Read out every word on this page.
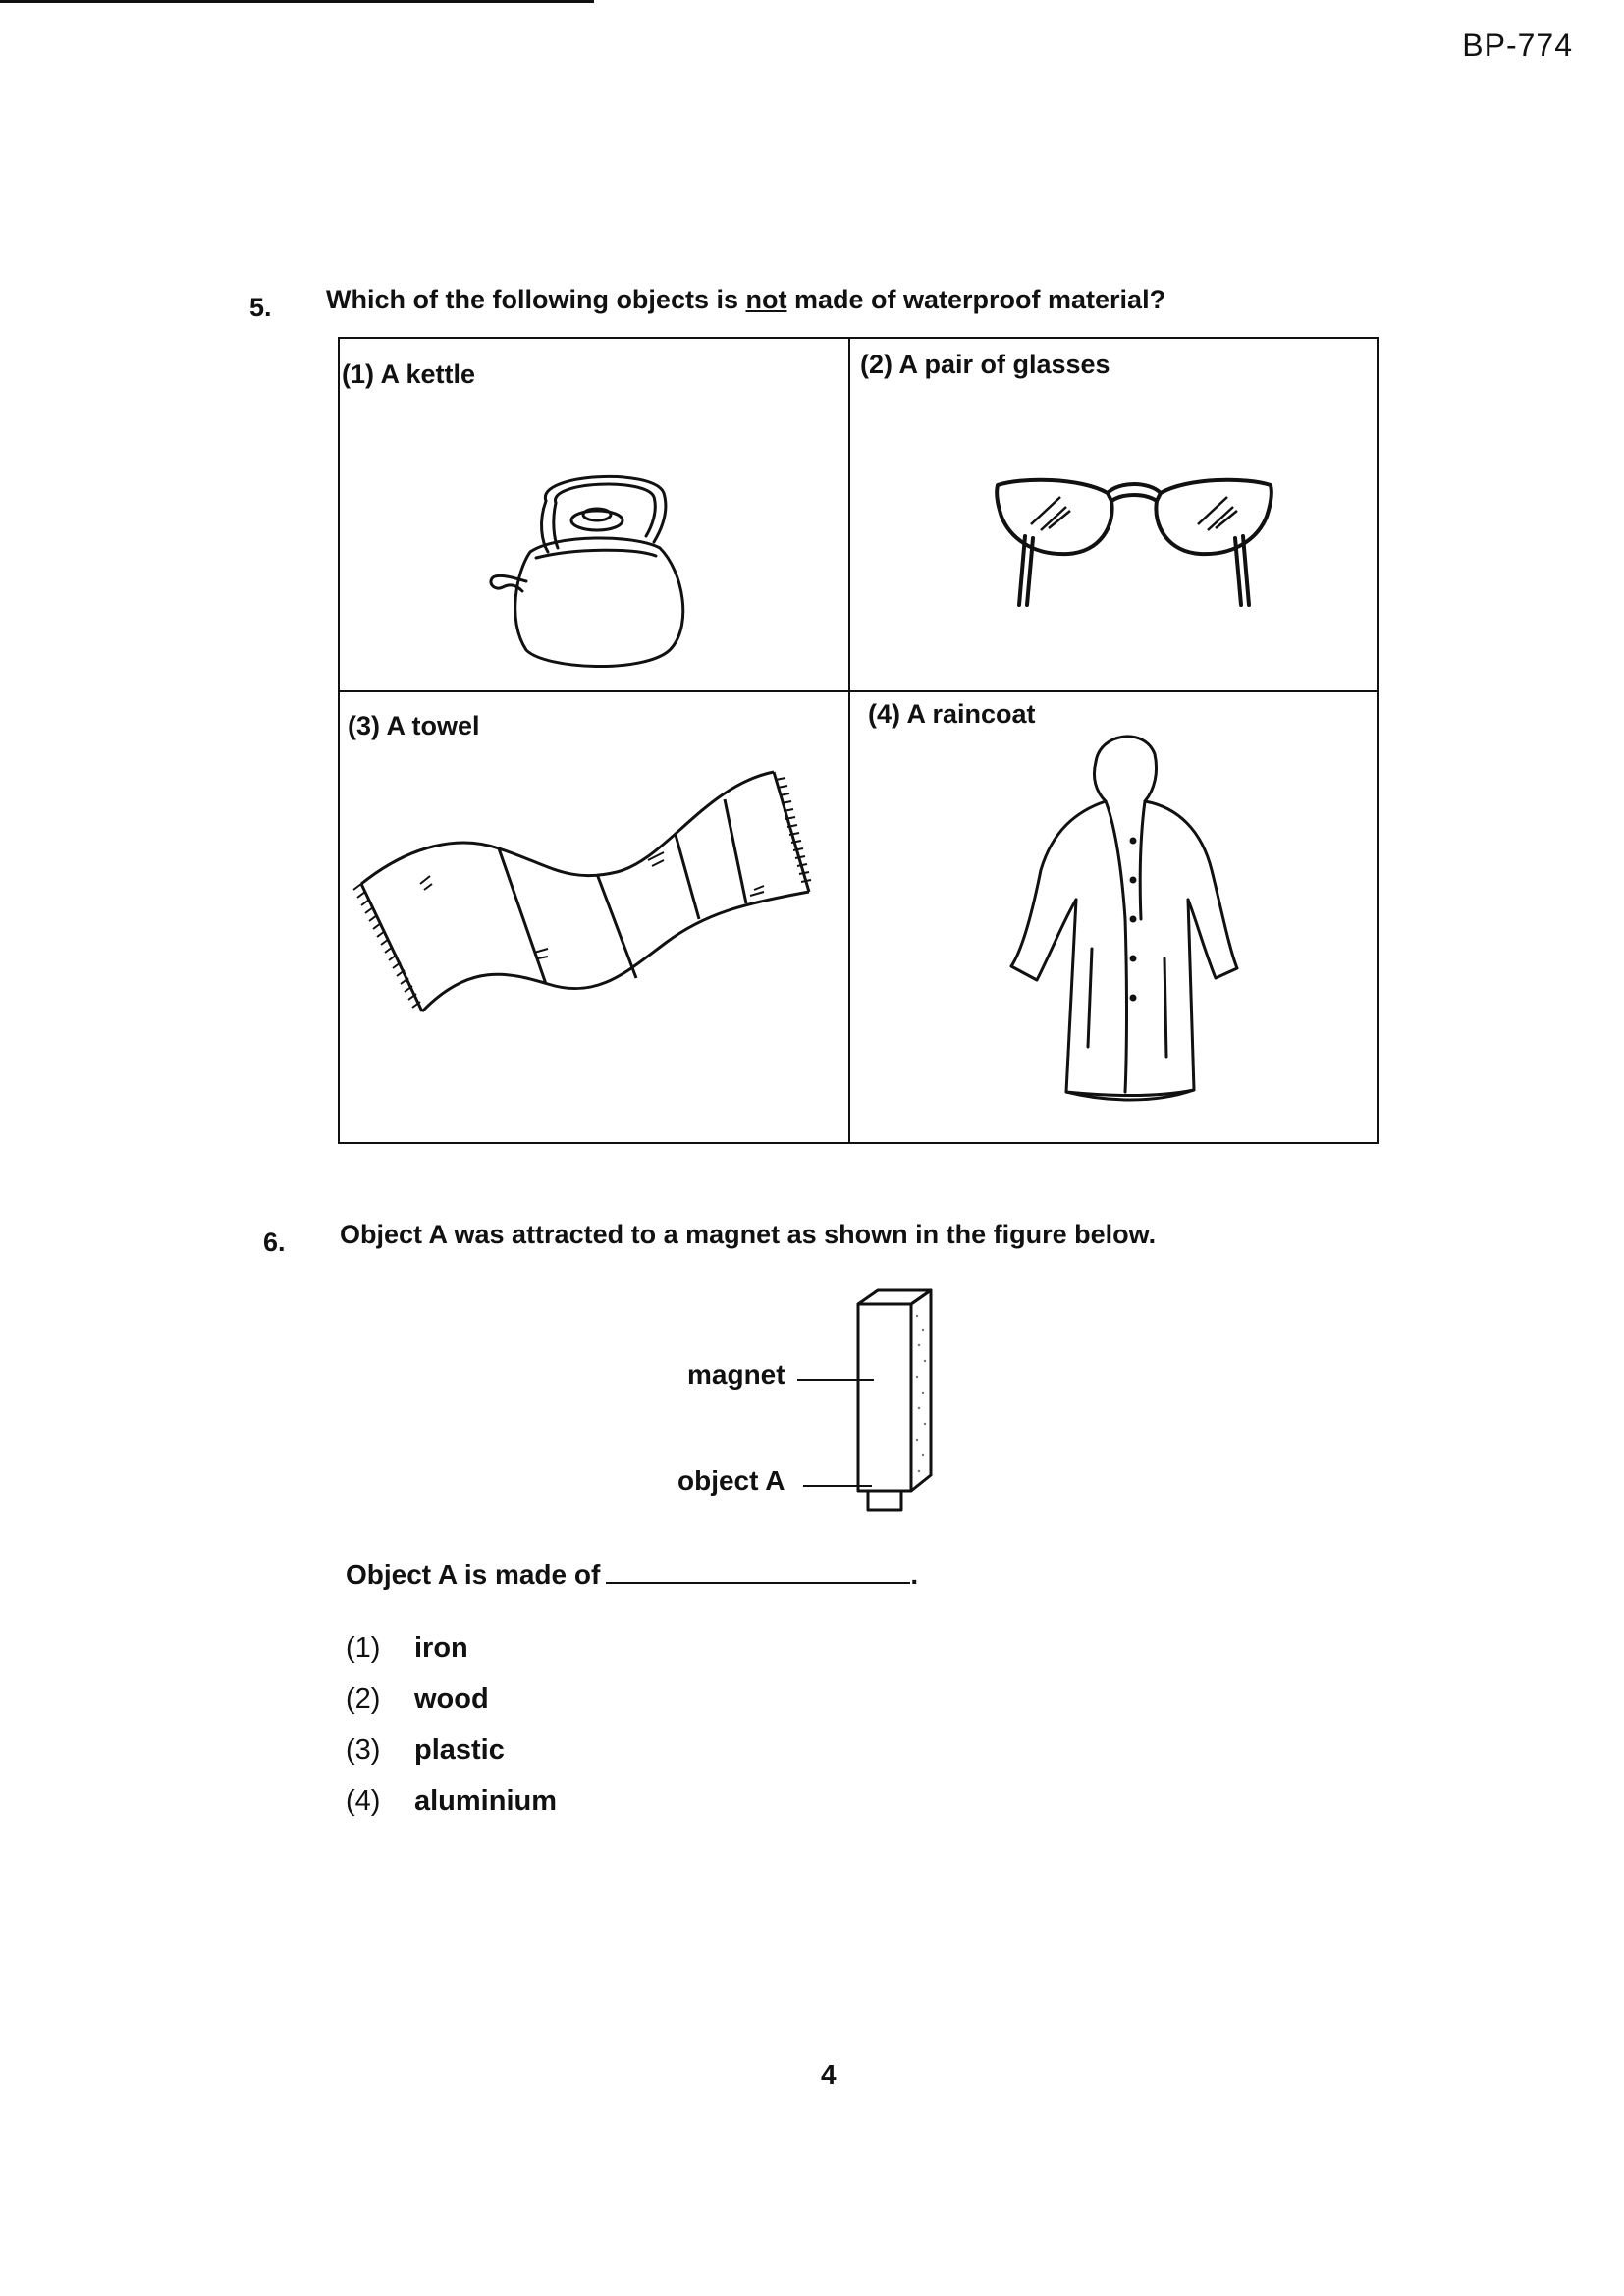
BP-774
5. Which of the following objects is not made of waterproof material?
(1) A kettle	(2) A pair of glasses
(3) A towel	(4) A raincoat
6. Object A was attracted to a magnet as shown in the figure below.
magnet
object A
Object A is made of	.
(1) iron
(2) wood
(3) plastic
(4) aluminium
4
